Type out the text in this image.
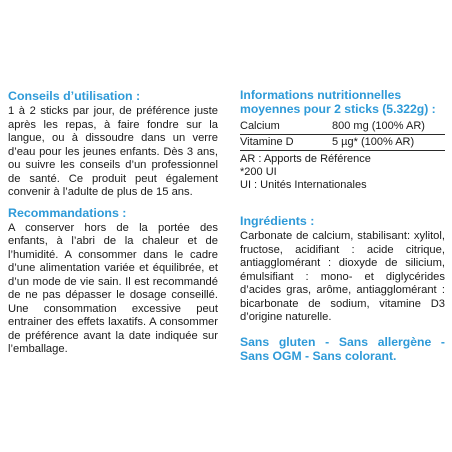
Conseils d’utilisation :

1 à 2 sticks par jour, de préférence juste après les repas, à faire fondre sur la langue, ou à dissoudre dans un verre d’eau pour les jeunes enfants. Dès 3 ans, ou suivre les conseils d’un professionnel de santé. Ce produit peut également convenir à l’adulte de plus de 15 ans.

Recommandations :

A conserver hors de la portée des enfants, à l’abri de la chaleur et de l’humidité. A consommer dans le cadre d’une alimentation variée et équilibrée, et d’un mode de vie sain. Il est recommandé de ne pas dépasser le dosage conseillé. Une consommation excessive peut entrainer des effets laxatifs. A consommer de préférence avant la date indiquée sur l’emballage.

Informations nutritionnelles moyennes pour 2 sticks (5.322g) :
Calcium	800 mg (100% AR)
Vitamine D	5 µg* (100% AR)
AR : Apports de Référence
*200 UI
UI : Unités Internationales
Ingrédients :

Carbonate de calcium, stabilisant: xylitol, fructose, acidifiant : acide citrique, antiagglomérant : dioxyde de silicium, émulsifiant : mono- et diglycérides d’acides gras, arôme, antiagglomérant : bicarbonate de sodium, vitamine D3 d’origine naturelle.

Sans gluten - Sans allergène - Sans OGM - Sans colorant.
